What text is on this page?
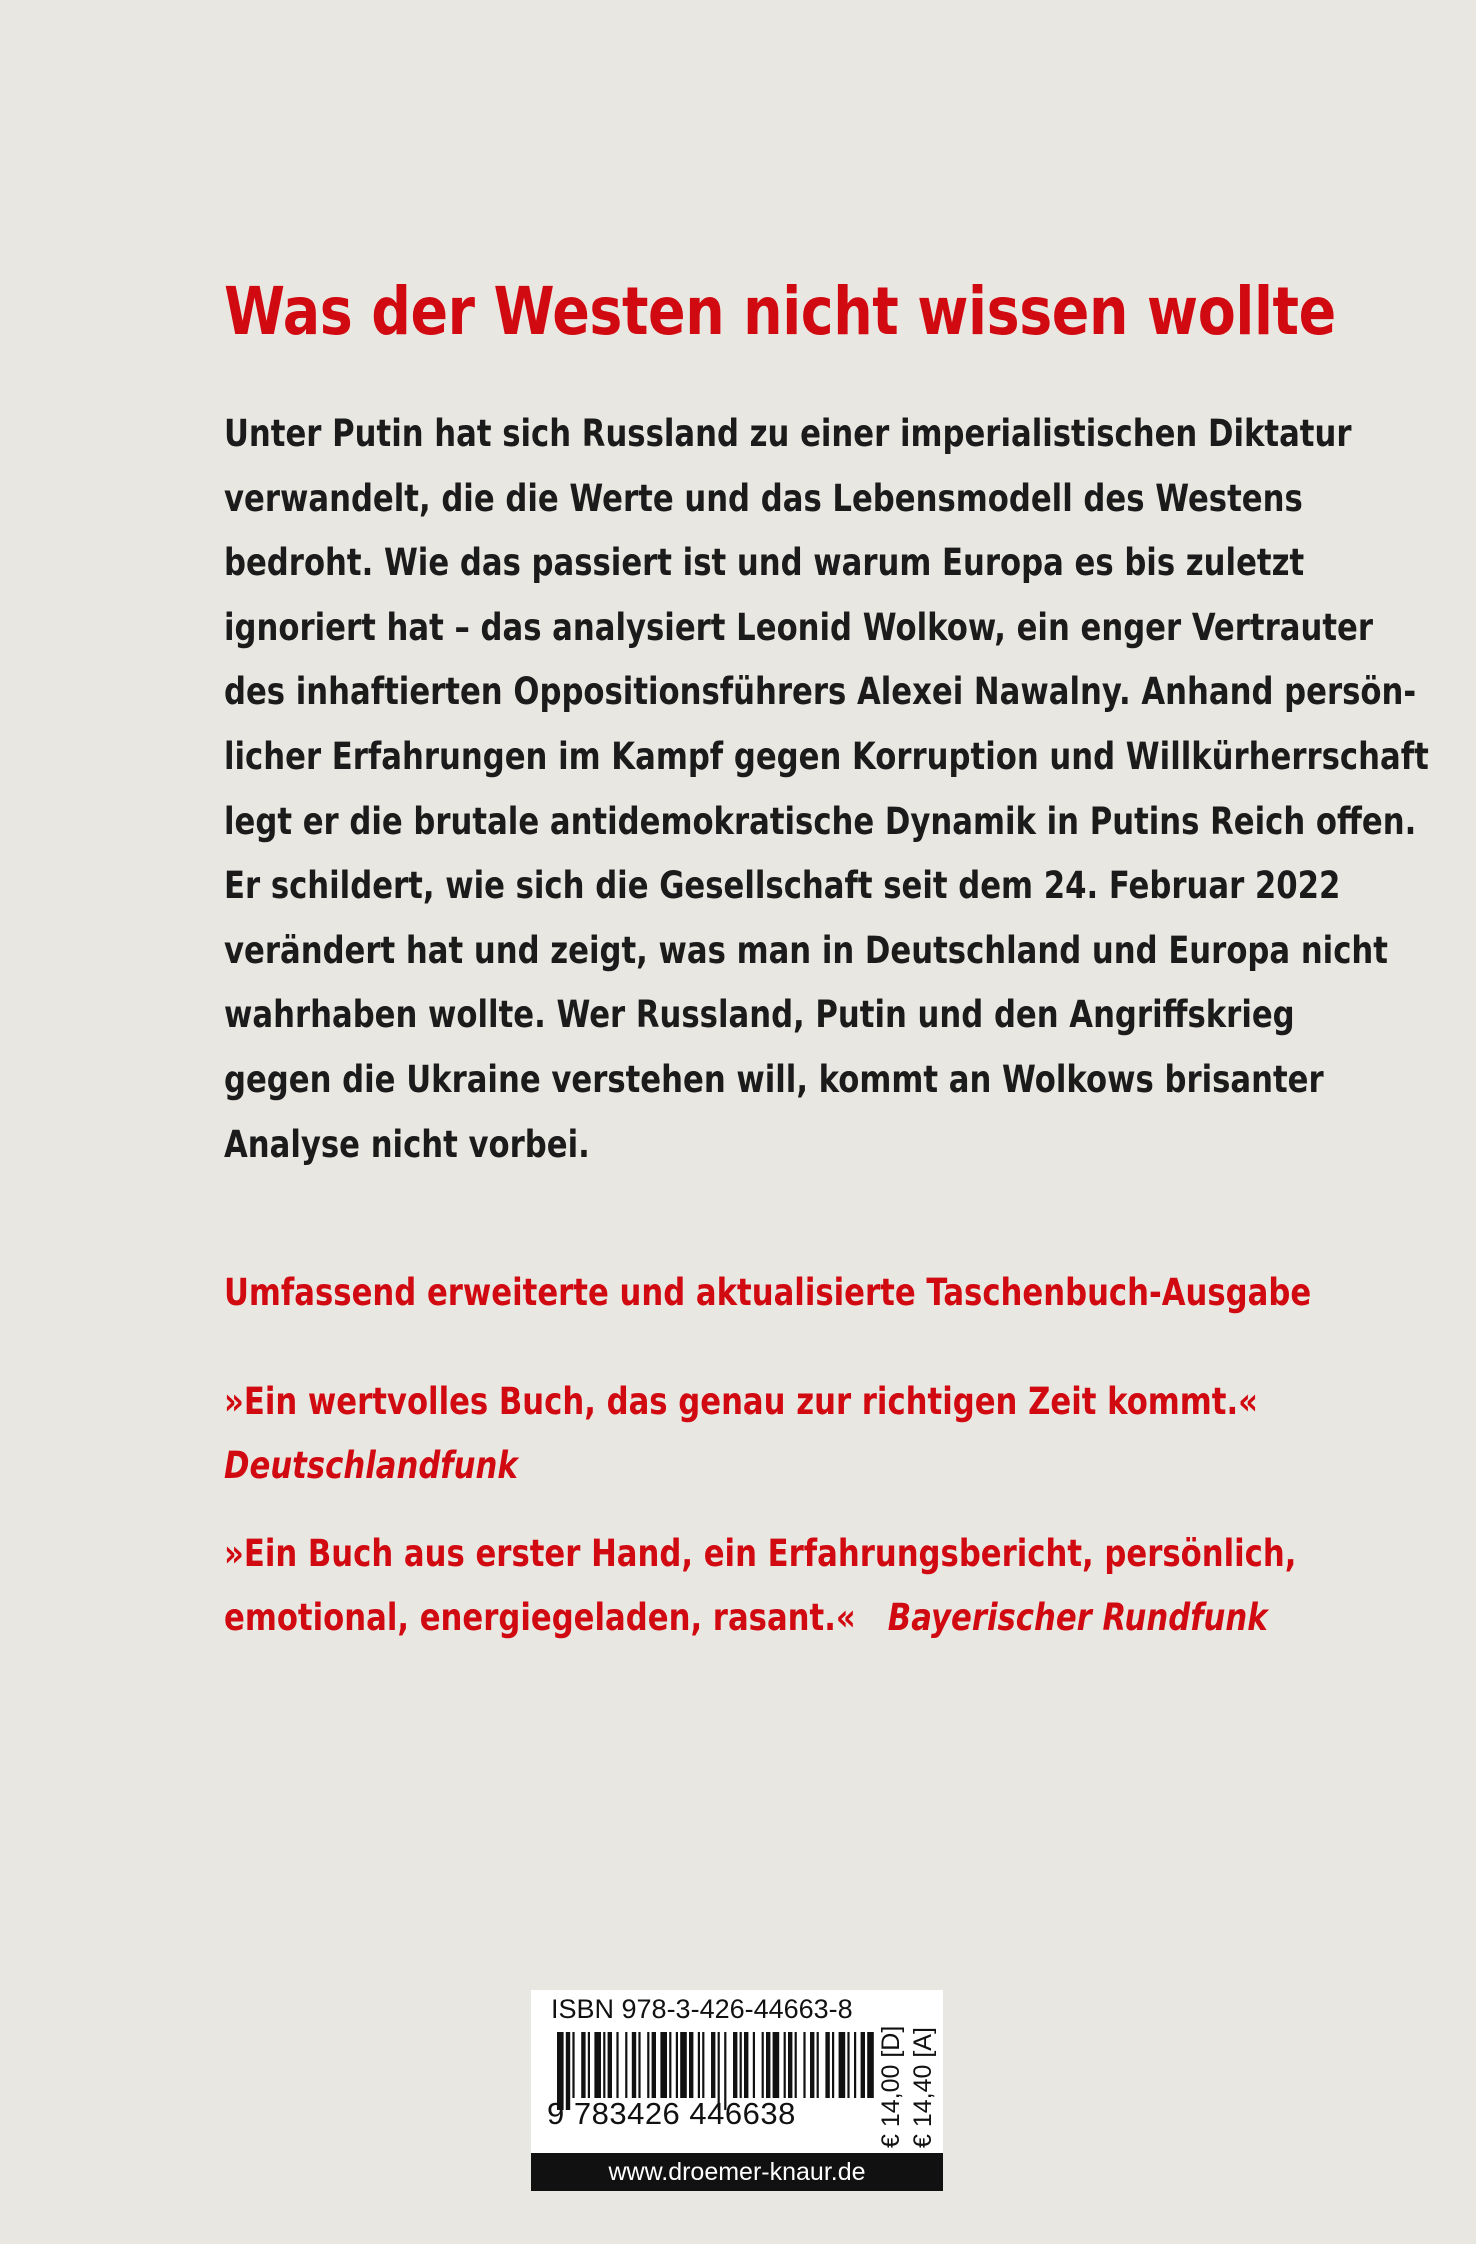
Was der Westen nicht wissen wollte
Unter Putin hat sich Russland zu einer imperialistischen Diktatur
verwandelt, die die Werte und das Lebensmodell des Westens
bedroht. Wie das passiert ist und warum Europa es bis zuletzt
ignoriert hat – das analysiert Leonid Wolkow, ein enger Vertrauter
des inhaftierten Oppositionsführers Alexei Nawalny. Anhand persön-
licher Erfahrungen im Kampf gegen Korruption und Willkürherrschaft
legt er die brutale antidemokratische Dynamik in Putins Reich offen.
Er schildert, wie sich die Gesellschaft seit dem 24. Februar 2022
verändert hat und zeigt, was man in Deutschland und Europa nicht
wahrhaben wollte. Wer Russland, Putin und den Angriffskrieg
gegen die Ukraine verstehen will, kommt an Wolkows brisanter
Analyse nicht vorbei.

Umfassend erweiterte und aktualisierte Taschenbuch-Ausgabe

»Ein wertvolles Buch, das genau zur richtigen Zeit kommt.«
Deutschlandfunk
»Ein Buch aus erster Hand, ein Erfahrungsbericht, persönlich,
emotional, energiegeladen, rasant.« Bayerischer Rundfunk

ISBN 978-3-426-44663-8

9 783426 446638	€ 14,00 [D] € 14,40 [A]

www.droemer-knaur.de
